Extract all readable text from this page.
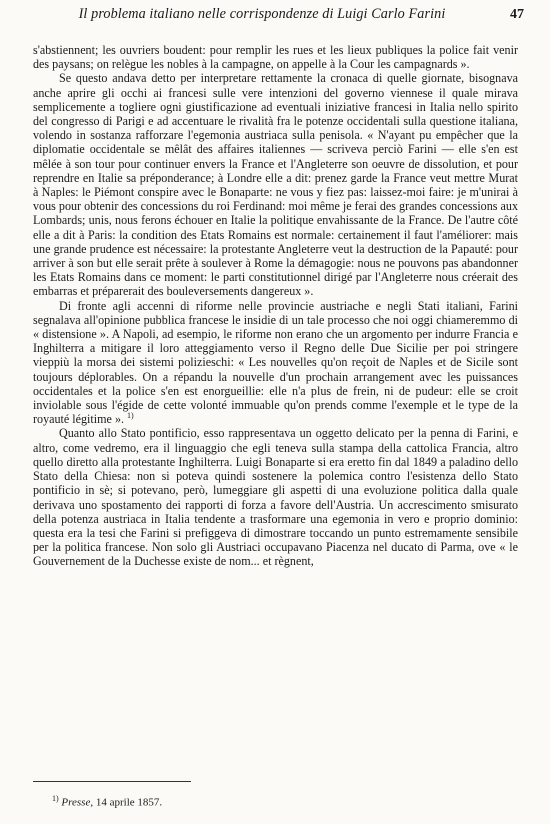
Il problema italiano nelle corrispondenze di Luigi Carlo Farini	47

s'abstiennent; les ouvriers boudent: pour remplir les rues et les lieux publiques la police fait venir des paysans; on relègue les nobles à la campagne, on appelle à la Cour les campagnards ».

Se questo andava detto per interpretare rettamente la cronaca di quelle giornate, bisognava anche aprire gli occhi ai francesi sulle vere intenzioni del governo viennese il quale mirava semplicemente a togliere ogni giustificazione ad eventuali iniziative francesi in Italia nello spirito del congresso di Parigi e ad accentuare le rivalità fra le potenze occidentali sulla questione italiana, volendo in sostanza rafforzare l'egemonia austriaca sulla penisola. « N'ayant pu empêcher que la diplomatie occidentale se mêlât des affaires italiennes — scriveva perciò Farini — elle s'en est mêlée à son tour pour continuer envers la France et l'Angleterre son oeuvre de dissolution, et pour reprendre en Italie sa préponderance; à Londre elle a dit: prenez garde la France veut mettre Murat à Naples: le Piémont conspire avec le Bonaparte: ne vous y fiez pas: laissez-moi faire: je m'unirai à vous pour obtenir des concessions du roi Ferdinand: moi même je ferai des grandes concessions aux Lombards; unis, nous ferons échouer en Italie la politique envahissante de la France. De l'autre côté elle a dit à Paris: la condition des Etats Romains est normale: certainement il faut l'améliorer: mais une grande prudence est nécessaire: la protestante Angleterre veut la destruction de la Papauté: pour arriver à son but elle serait prête à soulever à Rome la démagogie: nous ne pouvons pas abandonner les Etats Romains dans ce moment: le parti constitutionnel dirigé par l'Angleterre nous créerait des embarras et préparerait des bouleversements dangereux ».

Di fronte agli accenni di riforme nelle provincie austriache e negli Stati italiani, Farini segnalava all'opinione pubblica francese le insidie di un tale processo che noi oggi chiameremmo di « distensione ». A Napoli, ad esempio, le riforme non erano che un argomento per indurre Francia e Inghilterra a mitigare il loro atteggiamento verso il Regno delle Due Sicilie per poi stringere vieppiù la morsa dei sistemi polizieschi: « Les nouvelles qu'on reçoit de Naples et de Sicile sont toujours déplorables. On a répandu la nouvelle d'un prochain arrangement avec les puissances occidentales et la police s'en est enorgueillie: elle n'a plus de frein, ni de pudeur: elle se croit inviolable sous l'égide de cette volonté immuable qu'on prends comme l'exemple et le type de la royauté légitime ». $^{1)}$

Quanto allo Stato pontificio, esso rappresentava un oggetto delicato per la penna di Farini, e altro, come vedremo, era il linguaggio che egli teneva sulla stampa della cattolica Francia, altro quello diretto alla protestante Inghilterra. Luigi Bonaparte si era eretto fin dal 1849 a paladino dello Stato della Chiesa: non si poteva quindi sostenere la polemica contro l'esistenza dello Stato pontificio in sè; si potevano, però, lumeggiare gli aspetti di una evoluzione politica dalla quale derivava uno spostamento dei rapporti di forza a favore dell'Austria. Un accrescimento smisurato della potenza austriaca in Italia tendente a trasformare una egemonia in vero e proprio dominio: questa era la tesi che Farini si prefiggeva di dimostrare toccando un punto estremamente sensibile per la politica francese. Non solo gli Austriaci occupavano Piacenza nel ducato di Parma, ove « le Gouvernement de la Duchesse existe de nom... et règnent,

$^{1)}$ Presse, 14 aprile 1857.
